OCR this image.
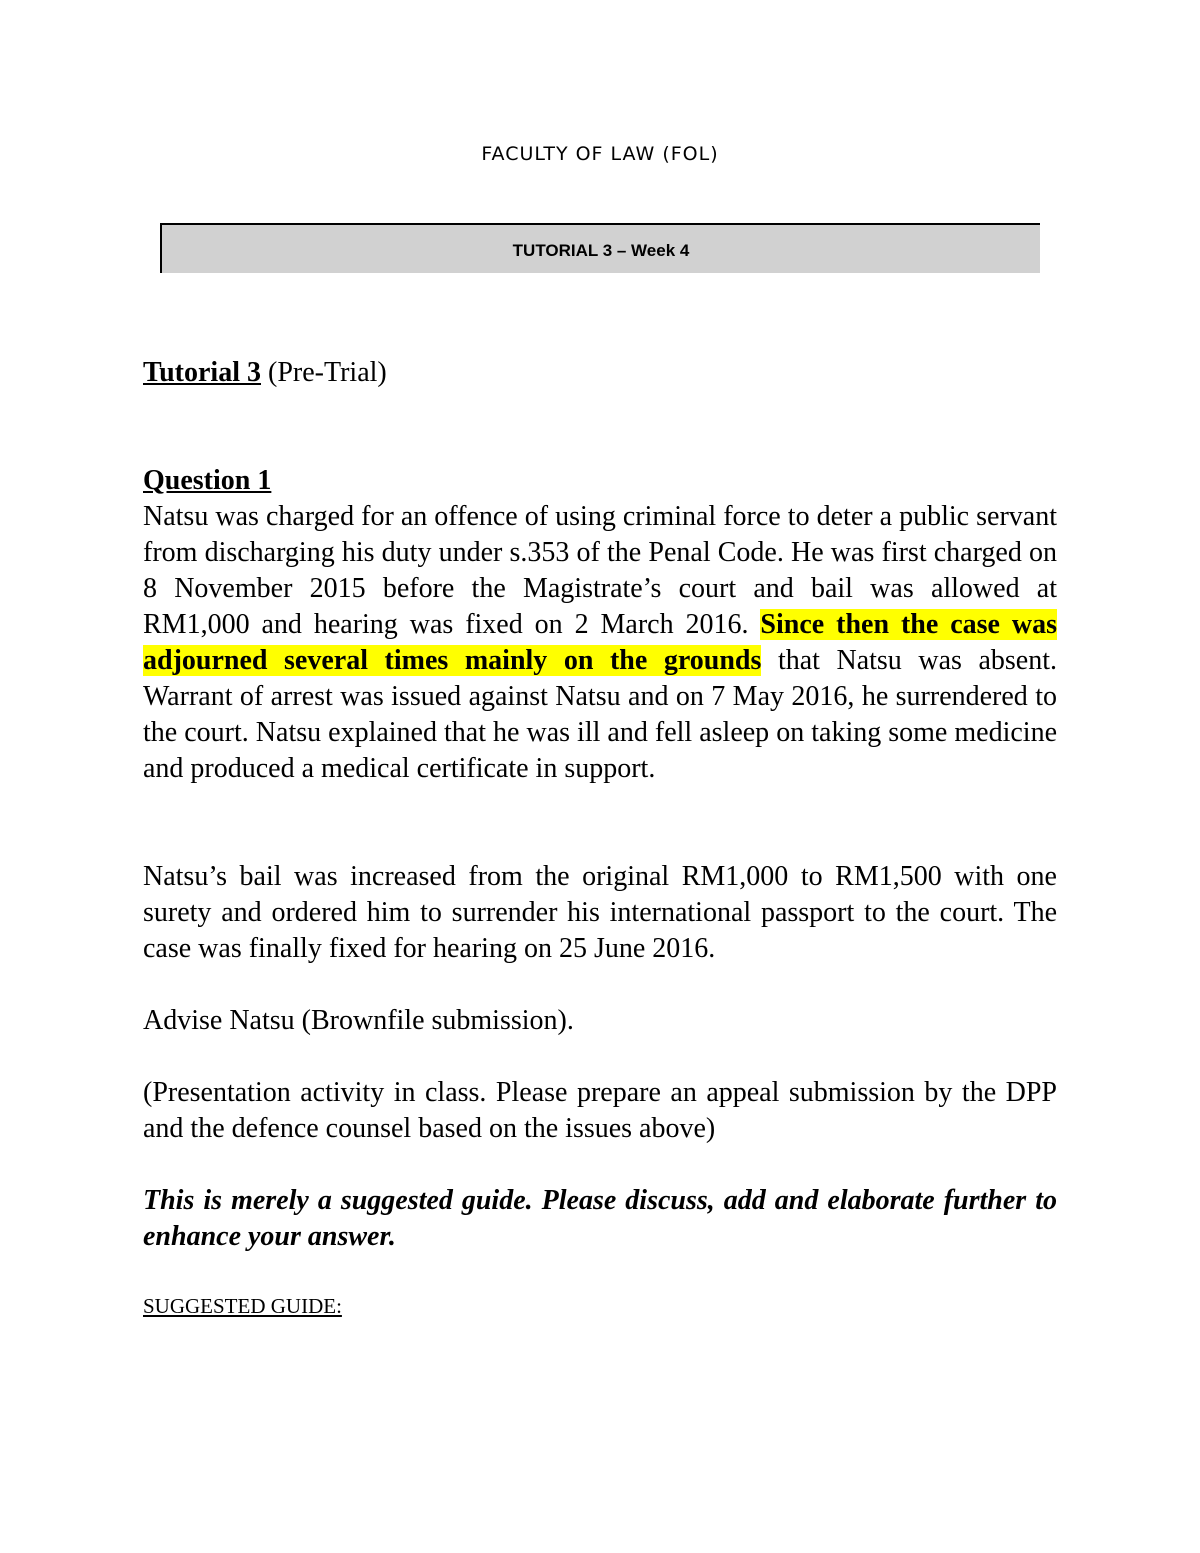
FACULTY OF LAW (FOL)
TUTORIAL 3 – Week 4
Tutorial 3 (Pre-Trial)
Question 1

Natsu was charged for an offence of using criminal force to deter a public servant from discharging his duty under s.353 of the Penal Code. He was first charged on 8 November 2015 before the Magistrate’s court and bail was allowed at RM1,000 and hearing was fixed on 2 March 2016. Since then the case was adjourned several times mainly on the grounds that Natsu was absent. Warrant of arrest was issued against Natsu and on 7 May 2016, he surrendered to the court. Natsu explained that he was ill and fell asleep on taking some medicine and produced a medical certificate in support.

Natsu’s bail was increased from the original RM1,000 to RM1,500 with one surety and ordered him to surrender his international passport to the court. The case was finally fixed for hearing on 25 June 2016.

Advise Natsu (Brownfile submission).

(Presentation activity in class. Please prepare an appeal submission by the DPP and the defence counsel based on the issues above)

This is merely a suggested guide. Please discuss, add and elaborate further to enhance your answer.

SUGGESTED GUIDE:
